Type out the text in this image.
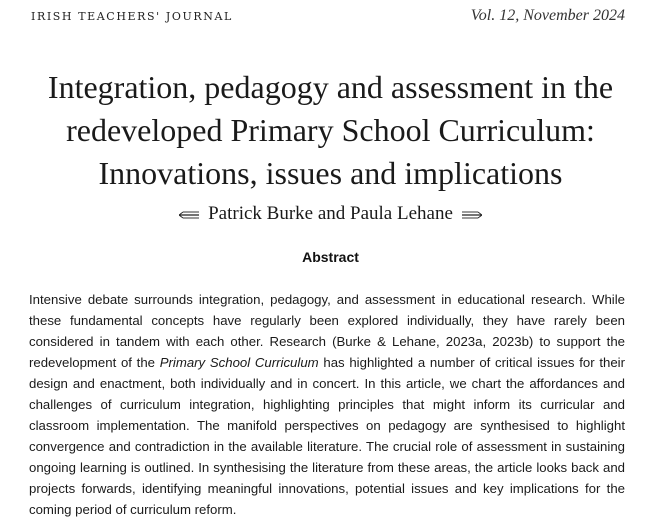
IRISH TEACHERS' JOURNAL	Vol. 12, November 2024
Integration, pedagogy and assessment in the redeveloped Primary School Curriculum: Innovations, issues and implications
Patrick Burke and Paula Lehane
Abstract

Intensive debate surrounds integration, pedagogy, and assessment in educational research. While these fundamental concepts have regularly been explored individually, they have rarely been considered in tandem with each other. Research (Burke & Lehane, 2023a, 2023b) to support the redevelopment of the Primary School Curriculum has highlighted a number of critical issues for their design and enactment, both individually and in concert. In this article, we chart the affordances and challenges of curriculum integration, highlighting principles that might inform its curricular and classroom implementation. The manifold perspectives on pedagogy are synthesised to highlight convergence and contradiction in the available literature. The crucial role of assessment in sustaining ongoing learning is outlined. In synthesising the literature from these areas, the article looks back and projects forwards, identifying meaningful innovations, potential issues and key implications for the coming period of curriculum reform.
